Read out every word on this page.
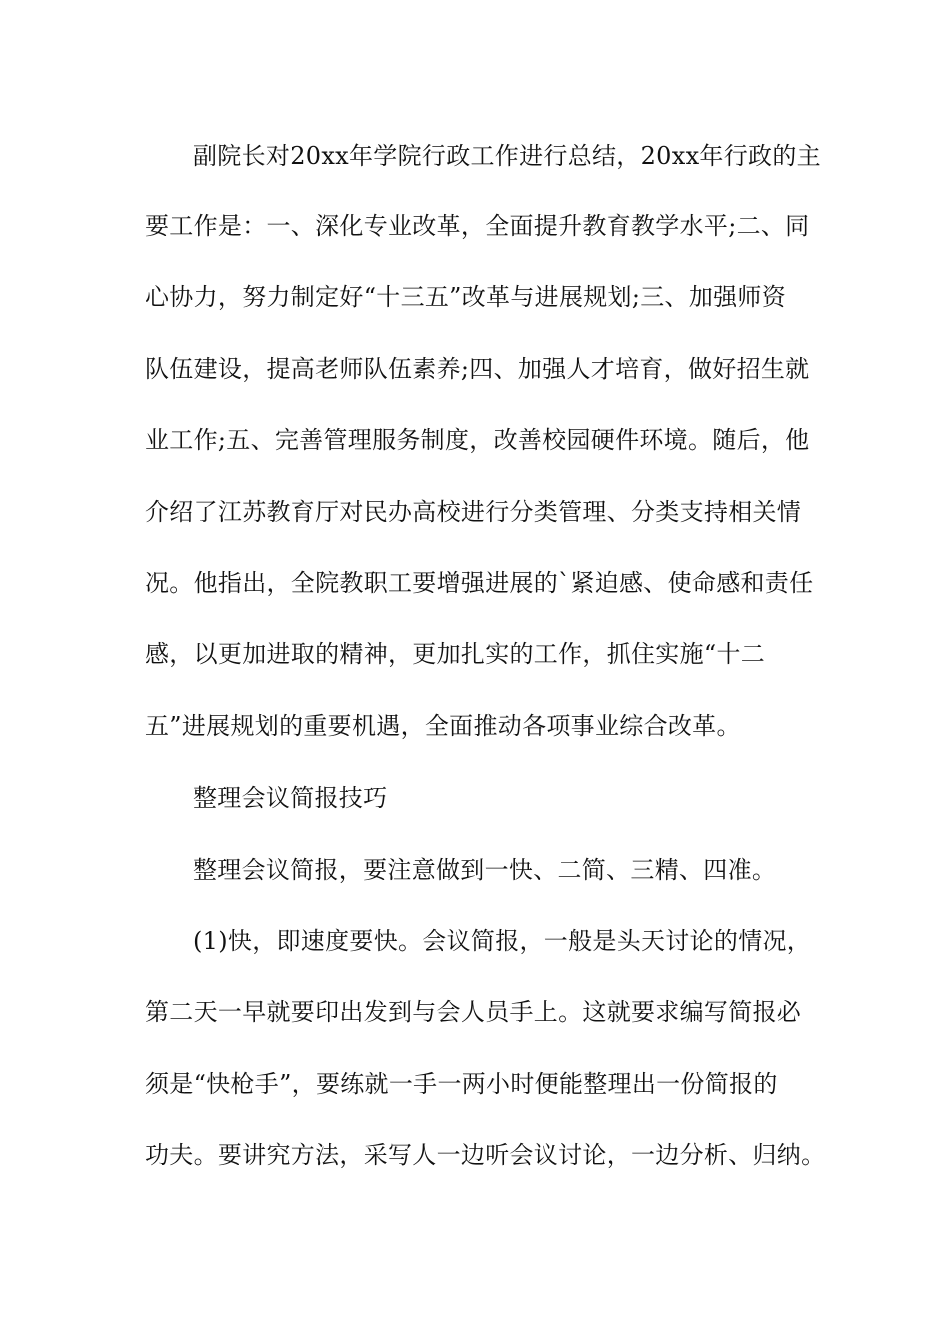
副院长对20xx年学院行政工作进行总结，20xx年行政的主
要工作是：一、深化专业改革，全面提升教育教学水平;二、同
心协力，努力制定好“十三五”改革与进展规划;三、加强师资
队伍建设，提高老师队伍素养;四、加强人才培育，做好招生就
业工作;五、完善管理服务制度，改善校园硬件环境。随后，他
介绍了江苏教育厅对民办高校进行分类管理、分类支持相关情
况。他指出，全院教职工要增强进展的`紧迫感、使命感和责任
感，以更加进取的精神，更加扎实的工作，抓住实施“十二
五”进展规划的重要机遇，全面推动各项事业综合改革。
整理会议简报技巧
整理会议简报，要注意做到一快、二简、三精、四准。
(1)快，即速度要快。会议简报，一般是头天讨论的情况，
第二天一早就要印出发到与会人员手上。这就要求编写简报必
须是“快枪手”，要练就一手一两小时便能整理出一份简报的
功夫。要讲究方法，采写人一边听会议讨论，一边分析、归纳。
